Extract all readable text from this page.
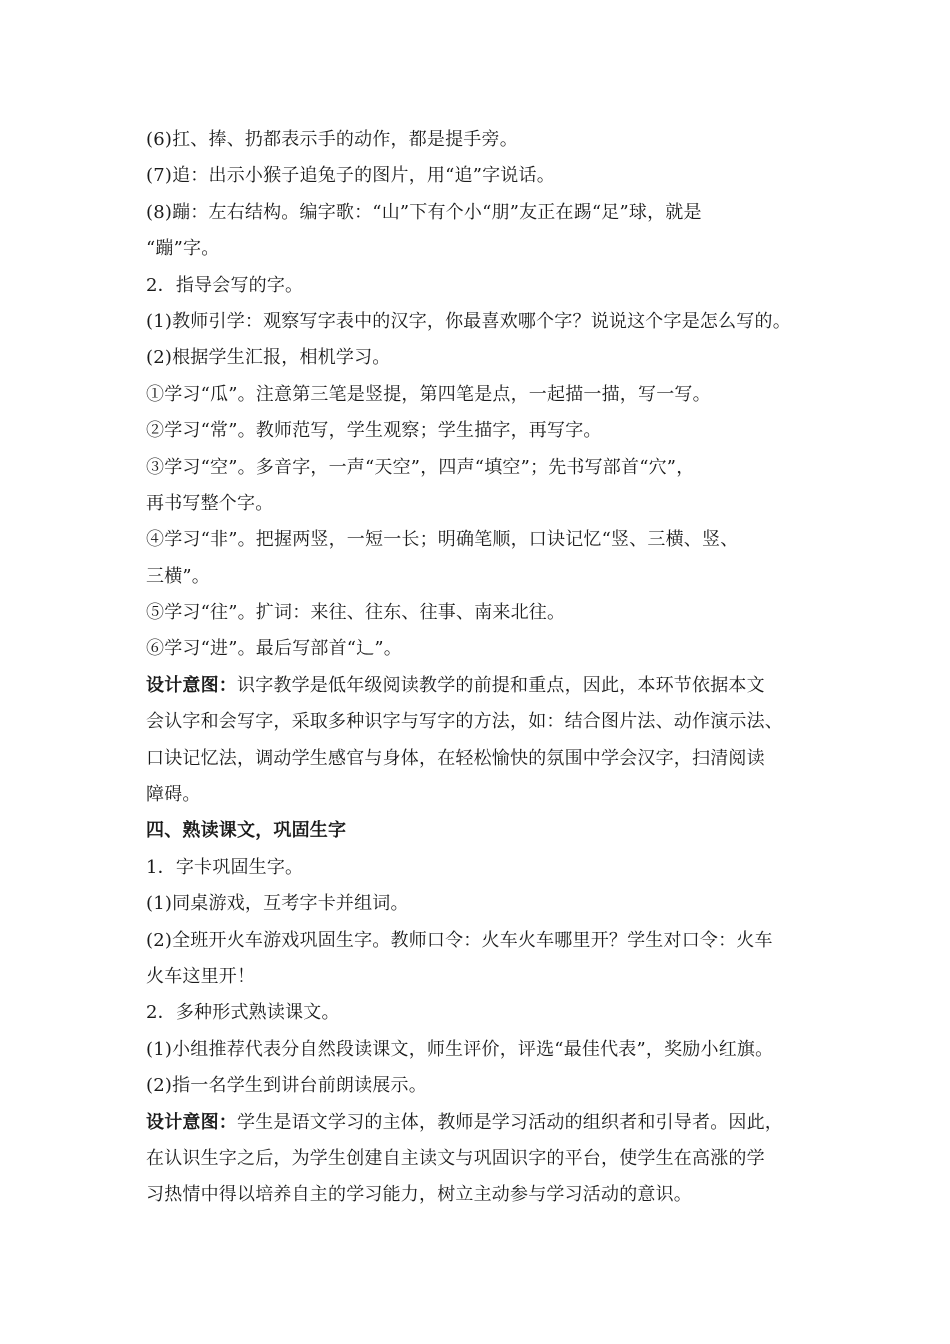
(6)扛、捧、扔都表示手的动作，都是提手旁。
(7)追：出示小猴子追兔子的图片，用“追”字说话。
(8)蹦：左右结构。编字歌：“山”下有个小“朋”友正在踢“足”球，就是
“蹦”字。
2．指导会写的字。
(1)教师引学：观察写字表中的汉字，你最喜欢哪个字？说说这个字是怎么写的。
(2)根据学生汇报，相机学习。
①学习“瓜”。注意第三笔是竖提，第四笔是点，一起描一描，写一写。
②学习“常”。教师范写，学生观察；学生描字，再写字。
③学习“空”。多音字，一声“天空”，四声“填空”；先书写部首“穴”，
再书写整个字。
④学习“非”。把握两竖，一短一长；明确笔顺，口诀记忆“竖、三横、竖、
三横”。
⑤学习“往”。扩词：来往、往东、往事、南来北往。
⑥学习“进”。最后写部首“辶”。
设计意图：识字教学是低年级阅读教学的前提和重点，因此，本环节依据本文
会认字和会写字，采取多种识字与写字的方法，如：结合图片法、动作演示法、
口诀记忆法，调动学生感官与身体，在轻松愉快的氛围中学会汉字，扫清阅读
障碍。
四、熟读课文，巩固生字
1．字卡巩固生字。
(1)同桌游戏，互考字卡并组词。
(2)全班开火车游戏巩固生字。教师口令：火车火车哪里开？学生对口令：火车
火车这里开！
2．多种形式熟读课文。
(1)小组推荐代表分自然段读课文，师生评价，评选“最佳代表”，奖励小红旗。
(2)指一名学生到讲台前朗读展示。
设计意图：学生是语文学习的主体，教师是学习活动的组织者和引导者。因此，
在认识生字之后，为学生创建自主读文与巩固识字的平台，使学生在高涨的学
习热情中得以培养自主的学习能力，树立主动参与学习活动的意识。
